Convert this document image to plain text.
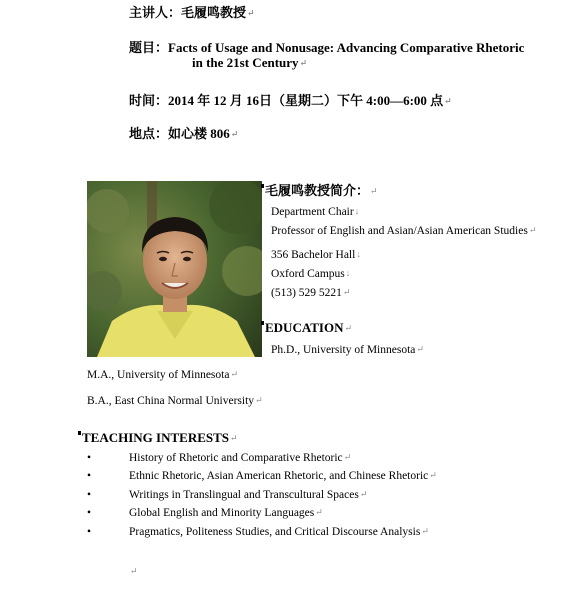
主讲人：毛履鸣教授↵
题目：Facts of Usage and Nonusage: Advancing Comparative Rhetoric
in the 21st Century↵
时间：2014 年 12 月 16日（星期二）下午 4:00—6:00 点↵
地点：如心楼 806↵
毛履鸣教授简介：↵
Department Chair↓
Professor of English and Asian/Asian American Studies↵
356 Bachelor Hall↓
Oxford Campus↓
(513) 529 5221↵
EDUCATION↵
Ph.D., University of Minnesota↵
M.A., University of Minnesota↵
B.A., East China Normal University↵
TEACHING INTERESTS↵
•	History of Rhetoric and Comparative Rhetoric↵
•	Ethnic Rhetoric, Asian American Rhetoric, and Chinese Rhetoric↵
•	Writings in Translingual and Transcultural Spaces↵
•	Global English and Minority Languages↵
•	Pragmatics, Politeness Studies, and Critical Discourse Analysis↵
↵
